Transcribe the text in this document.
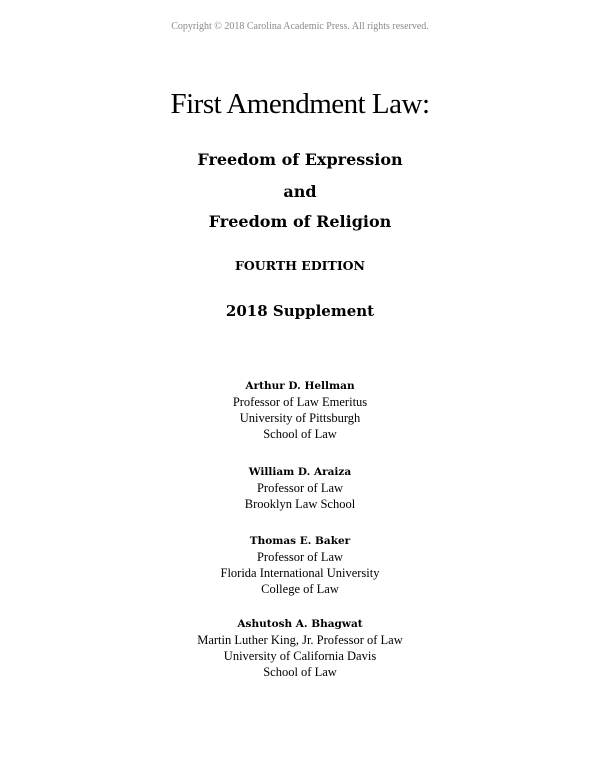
Copyright © 2018 Carolina Academic Press. All rights reserved.
First Amendment Law:
Freedom of Expression
and
Freedom of Religion
FOURTH EDITION
2018 Supplement
Arthur D. Hellman
Professor of Law Emeritus
University of Pittsburgh
School of Law
William D. Araiza
Professor of Law
Brooklyn Law School
Thomas E. Baker
Professor of Law
Florida International University
College of Law
Ashutosh A. Bhagwat
Martin Luther King, Jr. Professor of Law
University of California Davis
School of Law
